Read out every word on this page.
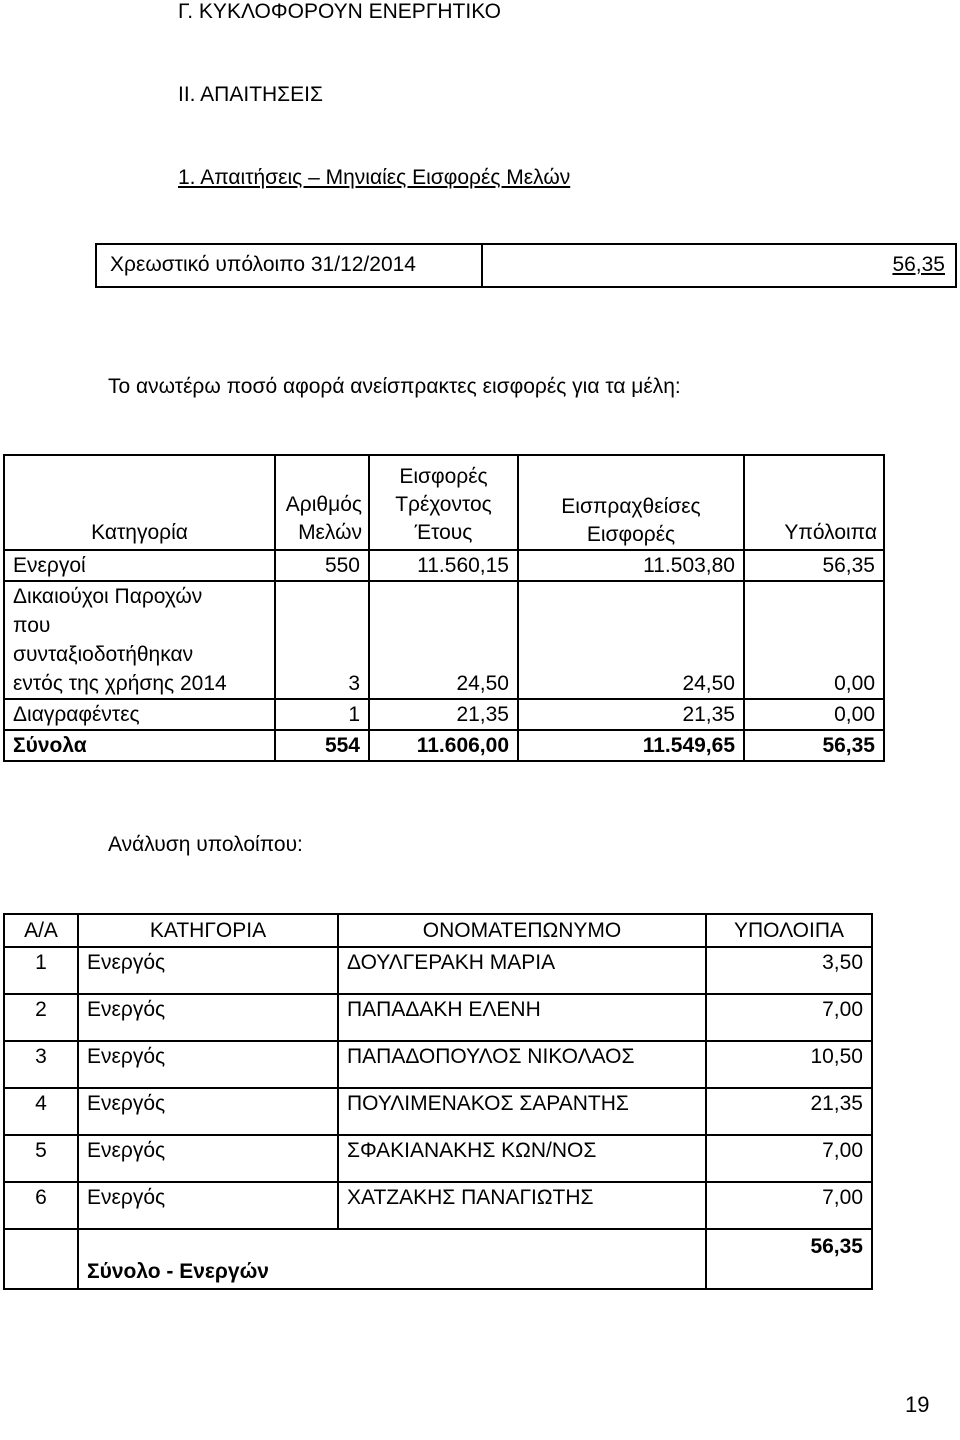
Γ. ΚΥΚΛΟΦΟΡΟΥΝ ΕΝΕΡΓΗΤΙΚΟ
ΙΙ. ΑΠΑΙΤΗΣΕΙΣ
1. Απαιτήσεις – Μηνιαίες Εισφορές Μελών
Χρεωστικό υπόλοιπο 31/12/2014	56,35
Το ανωτέρω ποσό αφορά ανείσπρακτες εισφορές για τα μέλη:
Κατηγορία	Αριθμός Μελών	Εισφορές Τρέχοντος Έτους	Εισπραχθείσες Εισφορές	Υπόλοιπα
Ενεργοί	550	11.560,15	11.503,80	56,35
Δικαιούχοι Παροχών που συνταξιοδοτήθηκαν εντός της χρήσης 2014	3	24,50	24,50	0,00
Διαγραφέντες	1	21,35	21,35	0,00
Σύνολα	554	11.606,00	11.549,65	56,35
Ανάλυση υπολοίπου:
Α/Α	ΚΑΤΗΓΟΡΙΑ	ΟΝΟΜΑΤΕΠΩΝΥΜΟ	ΥΠΟΛΟΙΠΑ
1	Ενεργός	ΔΟΥΛΓΕΡΑΚΗ ΜΑΡΙΑ	3,50
2	Ενεργός	ΠΑΠΑΔΑΚΗ ΕΛΕΝΗ	7,00
3	Ενεργός	ΠΑΠΑΔΟΠΟΥΛΟΣ ΝΙΚΟΛΑΟΣ	10,50
4	Ενεργός	ΠΟΥΛΙΜΕΝΑΚΟΣ ΣΑΡΑΝΤΗΣ	21,35
5	Ενεργός	ΣΦΑΚΙΑΝΑΚΗΣ ΚΩΝ/ΝΟΣ	7,00
6	Ενεργός	ΧΑΤΖΑΚΗΣ ΠΑΝΑΓΙΩΤΗΣ	7,00
	Σύνολο - Ενεργών		56,35
19
